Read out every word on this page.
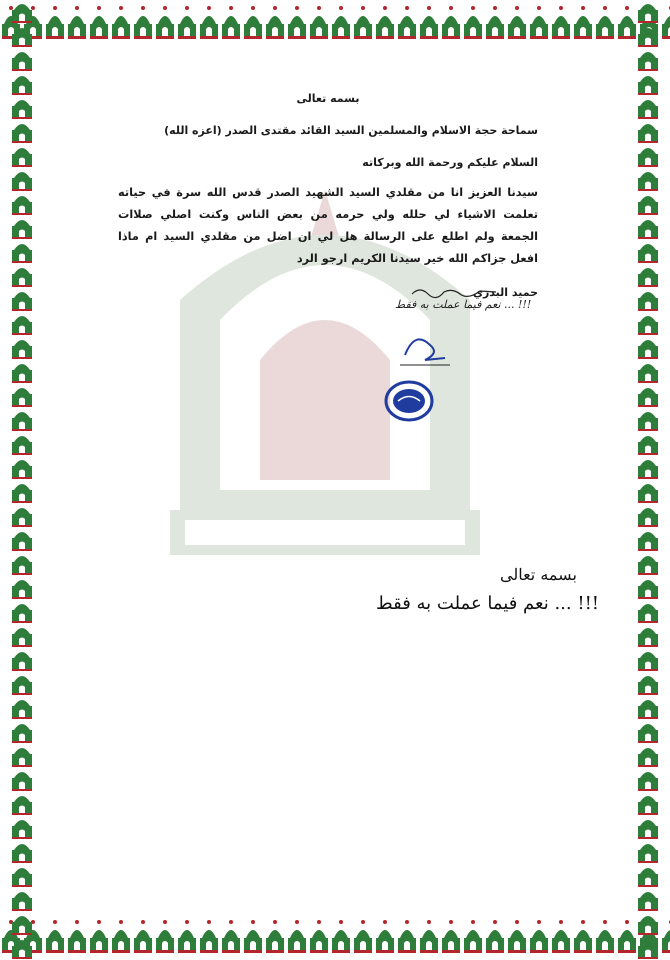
بسمه تعالى
سماحة حجة الاسلام والمسلمين السيد القائد مقتدى الصدر (اعزه الله)
السلام عليكم ورحمة الله وبركاته
سيدنا العزيز انا من مقلدي السيد الشهيد الصدر قدس الله سرة في حياته تعلمت الاشياء لي حلله ولي حرمه من بعض الناس وكنت اصلي صلاات الجمعة ولم اطلع على الرسالة هل لي ان اضل من مقلدي السيد ام ماذا افعل جزاكم الله خير سيدنا الكريم ارجو الرد
حميد البدري
!!! ... نعم فيما عملت به فقط
بسمه تعالى
!!! ... نعم فيما عملت به فقط
